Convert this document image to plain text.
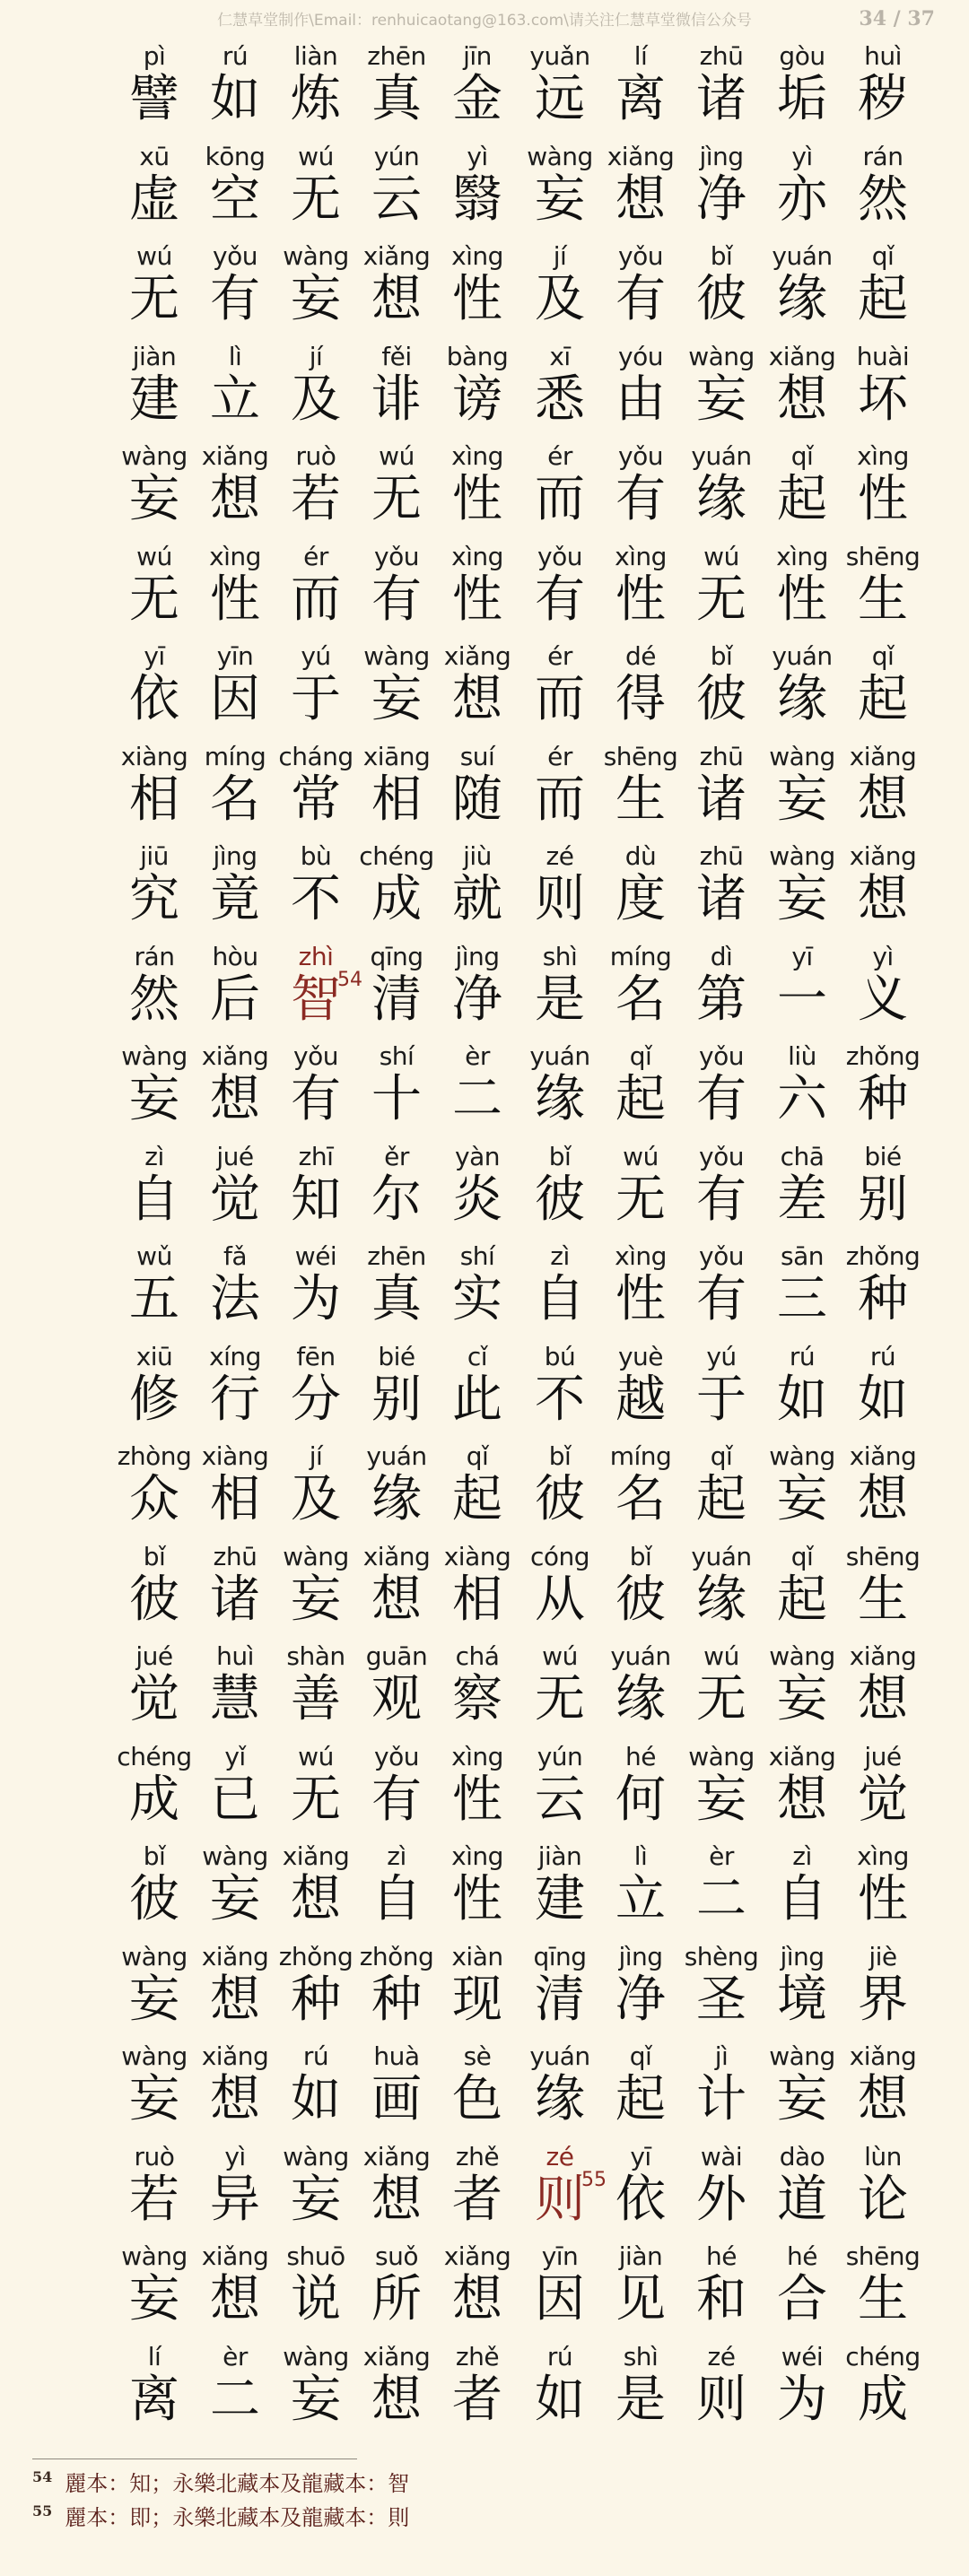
仁慧草堂制作\Email：renhuicaotang@163.com\请关注仁慧草堂微信公众号	34 / 37
pì
譬
rú
如
liàn
炼
zhēn
真
jīn
金
xū
虚
kōng
空
wú
无
yún
云
yì
翳
wú
无
yǒu
有
wàng
妄
xiǎng
想
xìng
性
jiàn
建
lì
立
jí
及
fěi
诽
bàng
谤
wàng
妄
xiǎng
想
ruò
若
wú
无
xìng
性
wú
无
xìng
性
ér
而
yǒu
有
xìng
性
yī
依
yīn
因
yú
于
wàng
妄
xiǎng
想
xiàng
相
míng
名
cháng
常
xiāng
相
suí
随
jiū
究
jìng
竟
bù
不
chéng
成
jiù
就
rán
然
hòu
后
zhì
智
54
qīng
清
jìng
净
wàng
妄
xiǎng
想
yǒu
有
shí
十
èr
二
zì
自
jué
觉
zhī
知
ěr
尔
yàn
炎
wǔ
五
fǎ
法
wéi
为
zhēn
真
shí
实
xiū
修
xíng
行
fēn
分
bié
别
cǐ
此
zhòng
众
xiàng
相
jí
及
yuán
缘
qǐ
起
bǐ
彼
zhū
诸
wàng
妄
xiǎng
想
xiàng
相
jué
觉
huì
慧
shàn
善
guān
观
chá
察
chéng
成
yǐ
已
wú
无
yǒu
有
xìng
性
bǐ
彼
wàng
妄
xiǎng
想
zì
自
xìng
性
wàng
妄
xiǎng
想
zhǒng
种
zhǒng
种
xiàn
现
wàng
妄
xiǎng
想
rú
如
huà
画
sè
色
ruò
若
yì
异
wàng
妄
xiǎng
想
zhě
者
wàng
妄
xiǎng
想
shuō
说
suǒ
所
xiǎng
想
lí
离
èr
二
wàng
妄
xiǎng
想
zhě
者
yuǎn
远
lí
离
zhū
诸
gòu
垢
huì
秽
wàng
妄
xiǎng
想
jìng
净
yì
亦
rán
然
jí
及
yǒu
有
bǐ
彼
yuán
缘
qǐ
起
xī
悉
yóu
由
wàng
妄
xiǎng
想
huài
坏
ér
而
yǒu
有
yuán
缘
qǐ
起
xìng
性
yǒu
有
xìng
性
wú
无
xìng
性
shēng
生
ér
而
dé
得
bǐ
彼
yuán
缘
qǐ
起
ér
而
shēng
生
zhū
诸
wàng
妄
xiǎng
想
zé
则
dù
度
zhū
诸
wàng
妄
xiǎng
想
shì
是
míng
名
dì
第
yī
一
yì
义
yuán
缘
qǐ
起
yǒu
有
liù
六
zhǒng
种
bǐ
彼
wú
无
yǒu
有
chā
差
bié
别
zì
自
xìng
性
yǒu
有
sān
三
zhǒng
种
bú
不
yuè
越
yú
于
rú
如
rú
如
bǐ
彼
míng
名
qǐ
起
wàng
妄
xiǎng
想
cóng
从
bǐ
彼
yuán
缘
qǐ
起
shēng
生
wú
无
yuán
缘
wú
无
wàng
妄
xiǎng
想
yún
云
hé
何
wàng
妄
xiǎng
想
jué
觉
jiàn
建
lì
立
èr
二
zì
自
xìng
性
qīng
清
jìng
净
shèng
圣
jìng
境
jiè
界
yuán
缘
qǐ
起
jì
计
wàng
妄
xiǎng
想
zé
则
55
yī
依
wài
外
dào
道
lùn
论
yīn
因
jiàn
见
hé
和
hé
合
shēng
生
rú
如
shì
是
zé
则
wéi
为
chéng
成
$^{54}$ 麗本：知；永樂北藏本及龍藏本：智
$^{55}$ 麗本：即；永樂北藏本及龍藏本：則
